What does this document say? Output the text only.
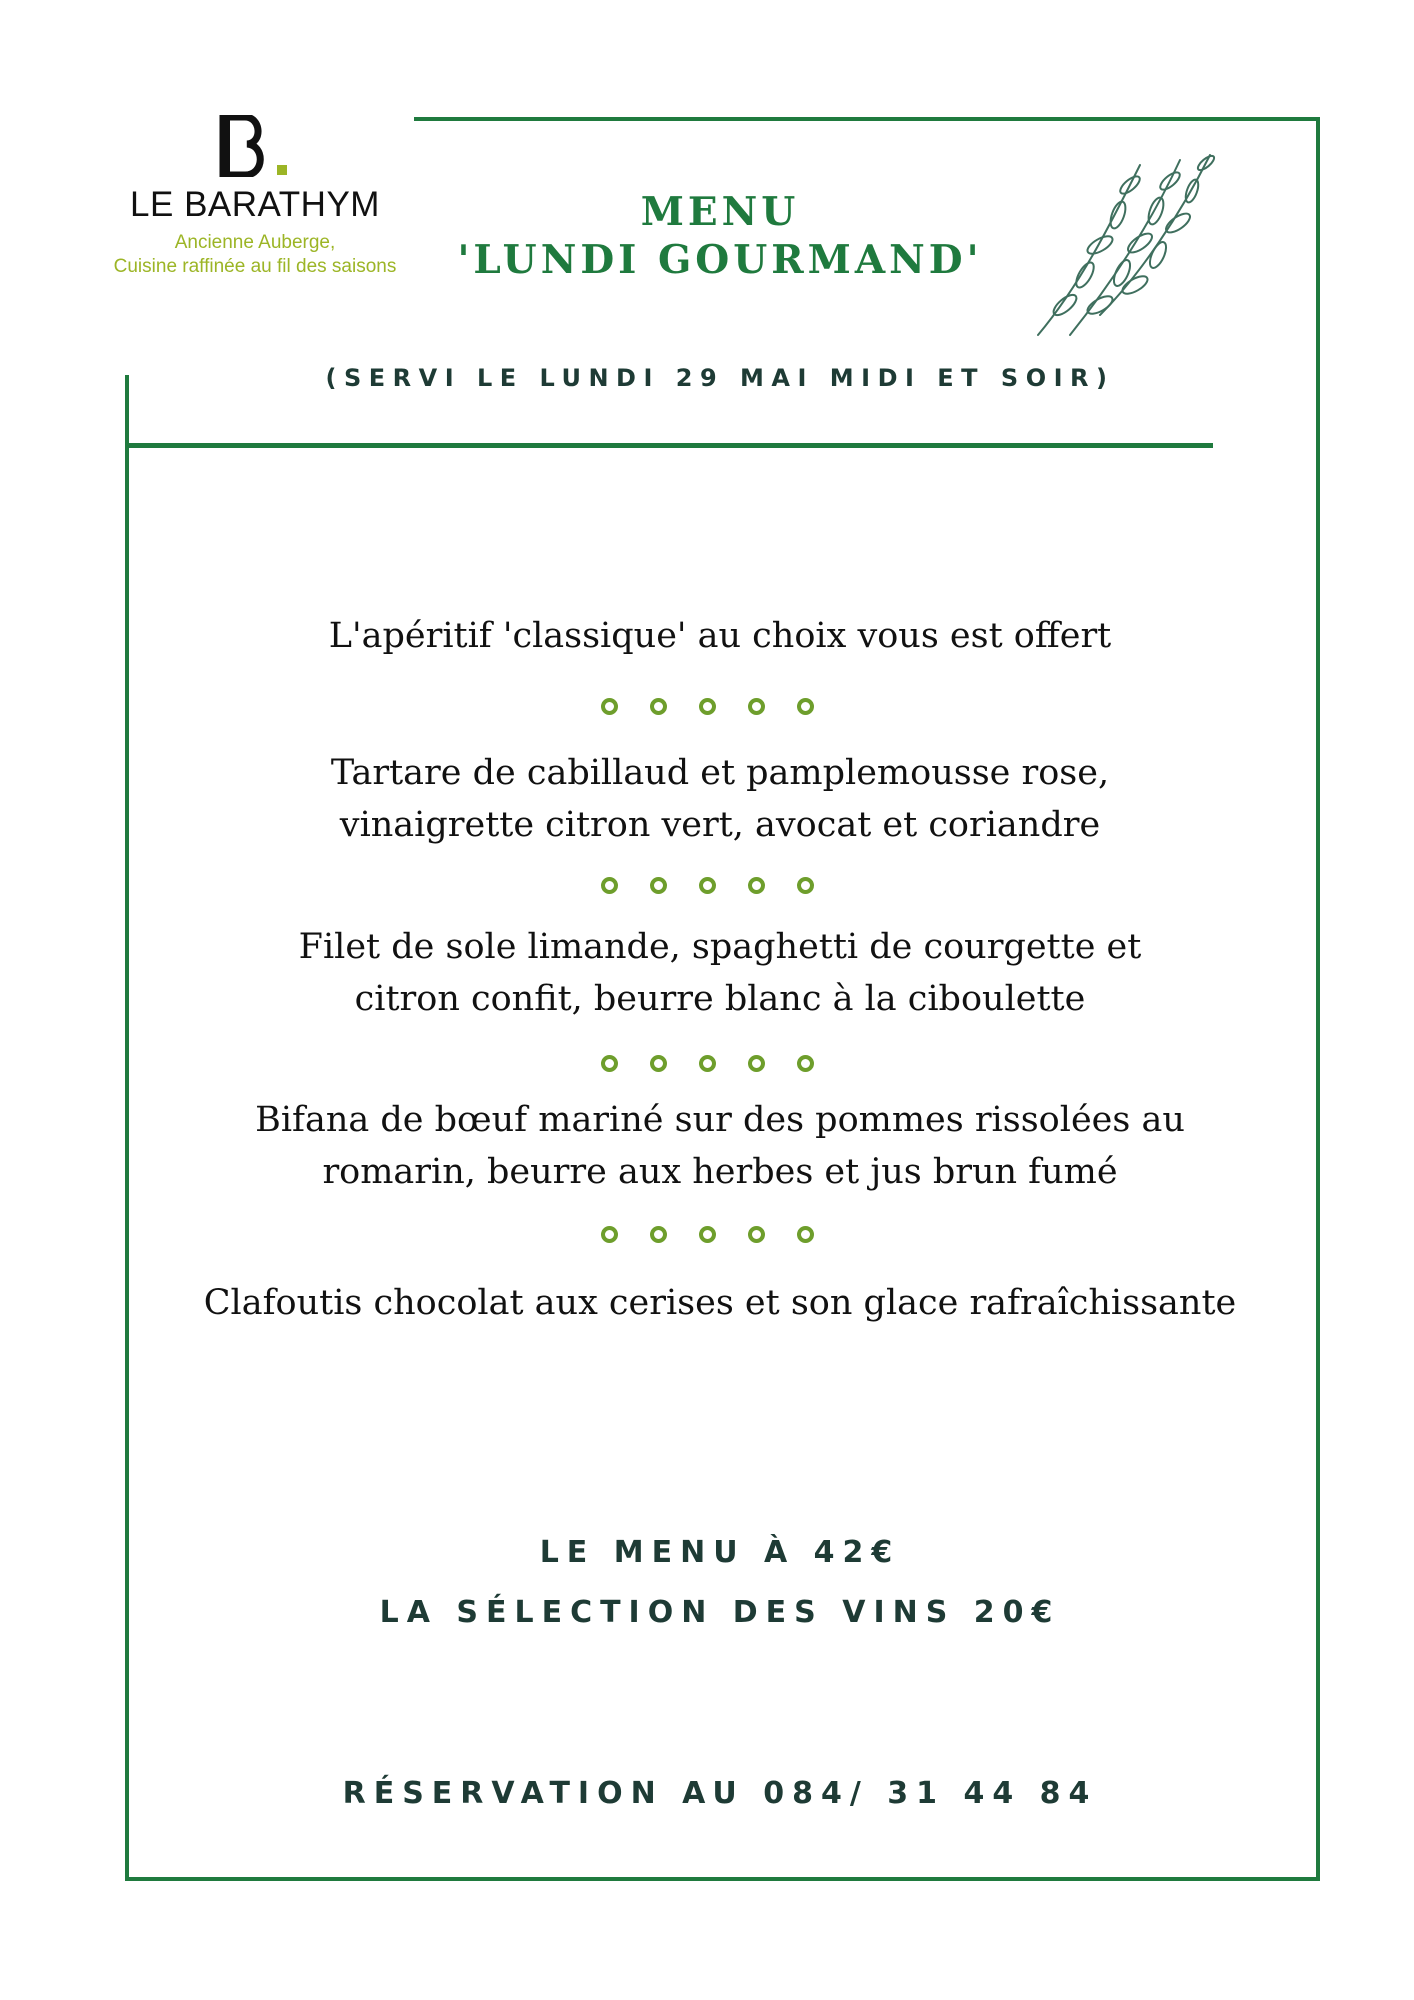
LE BARATHYM
Ancienne Auberge,
Cuisine raffinée au fil des saisons
MENU
'LUNDI GOURMAND'
(SERVI LE LUNDI 29 MAI MIDI ET SOIR)
L'apéritif 'classique' au choix vous est offert
Tartare de cabillaud et pamplemousse rose,
vinaigrette citron vert, avocat et coriandre
Filet de sole limande, spaghetti de courgette et
citron confit, beurre blanc à la ciboulette
Bifana de bœuf mariné sur des pommes rissolées au
romarin, beurre aux herbes et jus brun fumé
Clafoutis chocolat aux cerises et son glace rafraîchissante
LE MENU À 42€
LA SÉLECTION DES VINS 20€
RÉSERVATION AU 084/ 31 44 84
